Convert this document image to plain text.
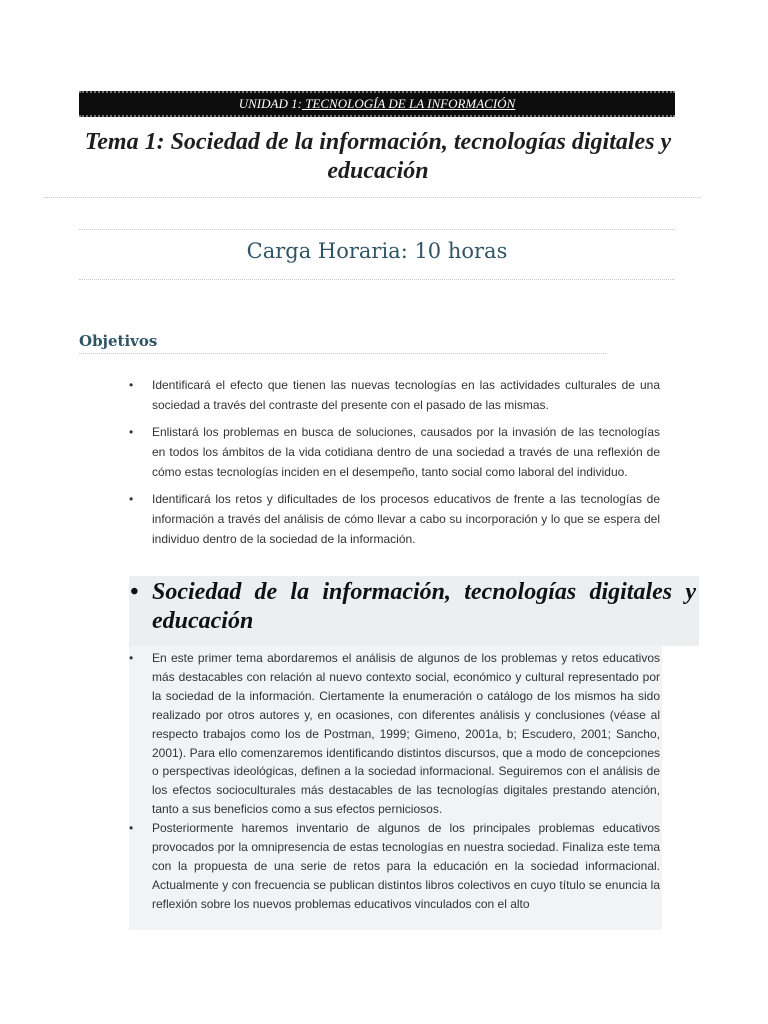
UNIDAD 1: TECNOLOGÍA DE LA INFORMACIÓN
Tema 1: Sociedad de la información, tecnologías digitales y educación
Carga Horaria: 10 horas
Objetivos
• Identificará el efecto que tienen las nuevas tecnologías en las actividades culturales de una sociedad a través del contraste del presente con el pasado de las mismas.
• Enlistará los problemas en busca de soluciones, causados por la invasión de las tecnologías en todos los ámbitos de la vida cotidiana dentro de una sociedad a través de una reflexión de cómo estas tecnologías inciden en el desempeño, tanto social como laboral del individuo.
• Identificará los retos y dificultades de los procesos educativos de frente a las tecnologías de información a través del análisis de cómo llevar a cabo su incorporación y lo que se espera del individuo dentro de la sociedad de la información.
• Sociedad de la información, tecnologías digitales y educación
• En este primer tema abordaremos el análisis de algunos de los problemas y retos educativos más destacables con relación al nuevo contexto social, económico y cultural representado por la sociedad de la información. Ciertamente la enumeración o catálogo de los mismos ha sido realizado por otros autores y, en ocasiones, con diferentes análisis y conclusiones (véase al respecto trabajos como los de Postman, 1999; Gimeno, 2001a, b; Escudero, 2001; Sancho, 2001). Para ello comenzaremos identificando distintos discursos, que a modo de concepciones o perspectivas ideológicas, definen a la sociedad informacional. Seguiremos con el análisis de los efectos socioculturales más destacables de las tecnologías digitales prestando atención, tanto a sus beneficios como a sus efectos perniciosos.
• Posteriormente haremos inventario de algunos de los principales problemas educativos provocados por la omnipresencia de estas tecnologías en nuestra sociedad. Finaliza este tema con la propuesta de una serie de retos para la educación en la sociedad informacional. Actualmente y con frecuencia se publican distintos libros colectivos en cuyo título se enuncia la reflexión sobre los nuevos problemas educativos vinculados con el alto
